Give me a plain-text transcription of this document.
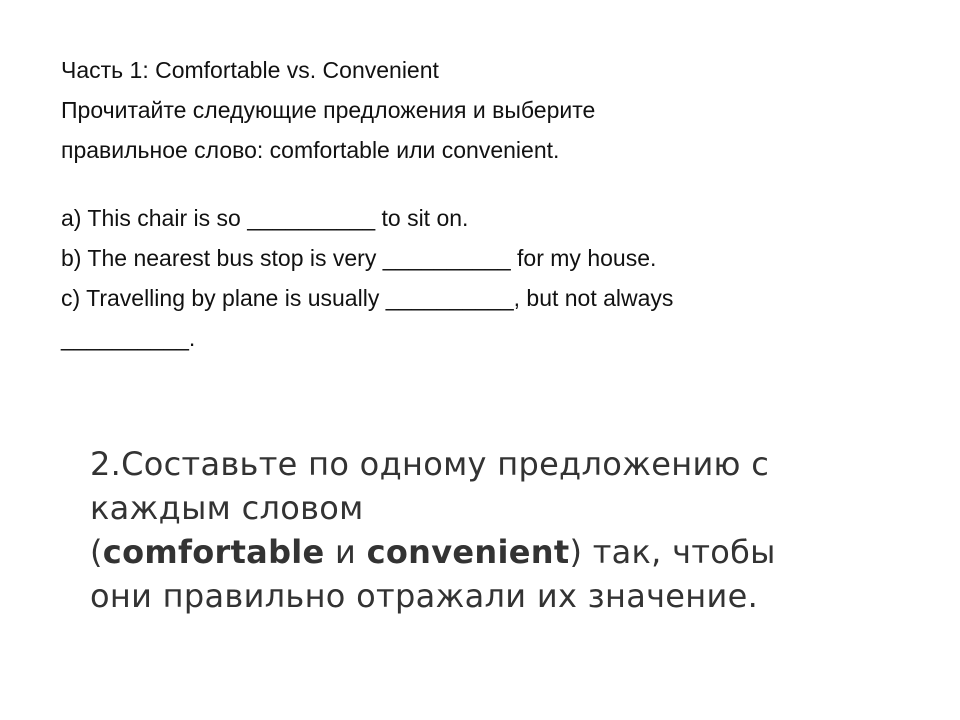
Часть 1: Comfortable vs. Convenient
Прочитайте следующие предложения и выберите
правильное слово: comfortable или convenient.
a) This chair is so __________ to sit on.
b) The nearest bus stop is very __________ for my house.
c) Travelling by plane is usually __________, but not always
__________.
2.Составьте по одному предложению с
каждым словом
(comfortable и convenient) так, чтобы
они правильно отражали их значение.
